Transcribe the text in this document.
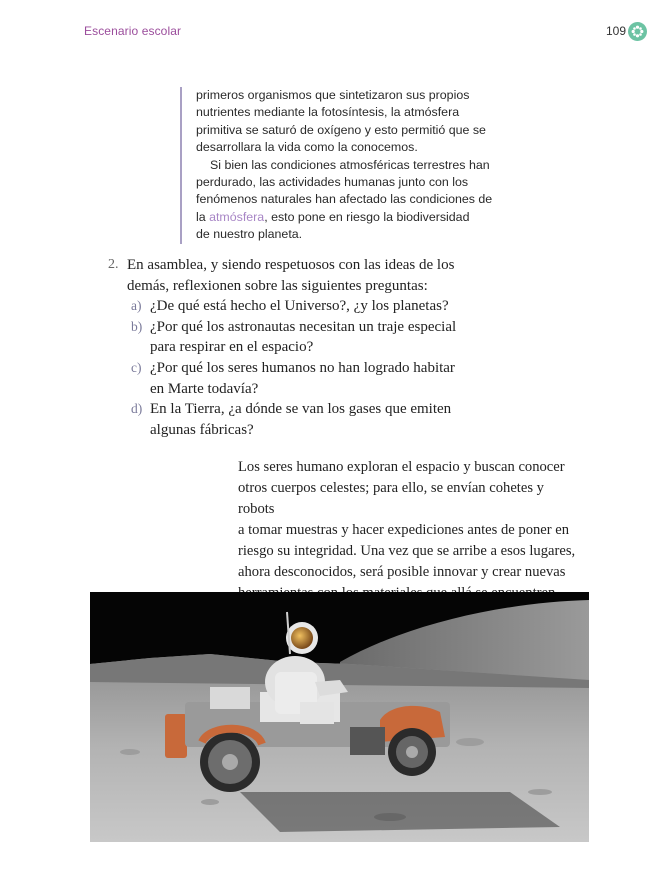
Escenario escolar	109

primeros organismos que sintetizaron sus propios
nutrientes mediante la fotosíntesis, la atmósfera
primitiva se saturó de oxígeno y esto permitió que se
desarrollara la vida como la conocemos.

Si bien las condiciones atmosféricas terrestres han
perdurado, las actividades humanas junto con los
fenómenos naturales han afectado las condiciones de
la atmósfera, esto pone en riesgo la biodiversidad
de nuestro planeta.

2. En asamblea, y siendo respetuosos con las ideas de los
demás, reflexionen sobre las siguientes preguntas:

a) ¿De qué está hecho el Universo?, ¿y los planetas?
b) ¿Por qué los astronautas necesitan un traje especial
para respirar en el espacio?
c) ¿Por qué los seres humanos no han logrado habitar
en Marte todavía?
d) En la Tierra, ¿a dónde se van los gases que emiten
algunas fábricas?

Los seres humano exploran el espacio y buscan conocer
otros cuerpos celestes; para ello, se envían cohetes y robots
a tomar muestras y hacer expediciones antes de poner en
riesgo su integridad. Una vez que se arribe a esos lugares,
ahora desconocidos, será posible innovar y crear nuevas
